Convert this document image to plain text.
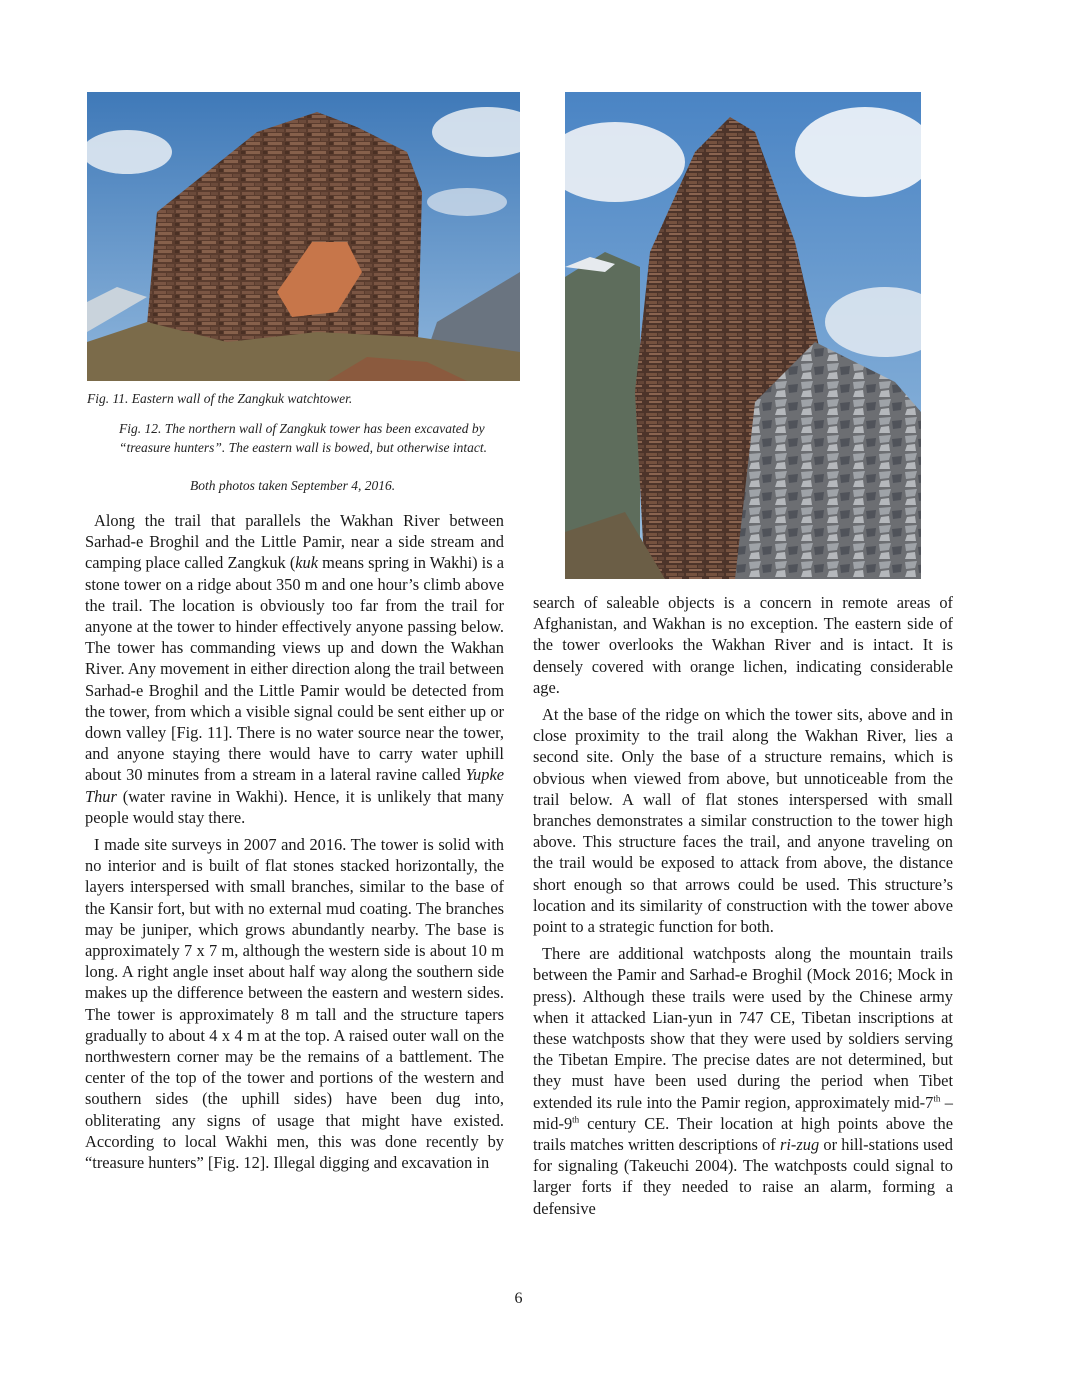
Fig. 11. Eastern wall of the Zangkuk watchtower.
Fig. 12. The northern wall of Zangkuk tower has been excavated by “treasure hunters”. The eastern wall is bowed, but otherwise intact.
Both photos taken September 4, 2016.

Along the trail that parallels the Wakhan River between Sarhad-e Broghil and the Little Pamir, near a side stream and camping place called Zangkuk (kuk means spring in Wakhi) is a stone tower on a ridge about 350 m and one hour’s climb above the trail. The location is obviously too far from the trail for anyone at the tower to hinder effectively anyone passing below. The tower has commanding views up and down the Wakhan River. Any movement in either direction along the trail between Sarhad-e Broghil and the Little Pamir would be detected from the tower, from which a visible signal could be sent either up or down valley [Fig. 11]. There is no water source near the tower, and anyone staying there would have to carry water uphill about 30 minutes from a stream in a lateral ravine called Yupke Thur (water ravine in Wakhi). Hence, it is unlikely that many people would stay there.

I made site surveys in 2007 and 2016. The tower is solid with no interior and is built of flat stones stacked horizontally, the layers interspersed with small branches, similar to the base of the Kansir fort, but with no external mud coating. The branches may be juniper, which grows abundantly nearby. The base is approximately 7 x 7 m, although the western side is about 10 m long. A right angle inset about half way along the southern side makes up the difference between the eastern and western sides. The tower is approximately 8 m tall and the structure tapers gradually to about 4 x 4 m at the top. A raised outer wall on the northwestern corner may be the remains of a battlement. The center of the top of the tower and portions of the western and southern sides (the uphill sides) have been dug into, obliterating any signs of usage that might have existed. According to local Wakhi men, this was done recently by “treasure hunters” [Fig. 12]. Illegal digging and excavation in

search of saleable objects is a concern in remote areas of Afghanistan, and Wakhan is no exception. The eastern side of the tower overlooks the Wakhan River and is intact. It is densely covered with orange lichen, indicating considerable age.

At the base of the ridge on which the tower sits, above and in close proximity to the trail along the Wakhan River, lies a second site. Only the base of a structure remains, which is obvious when viewed from above, but unnoticeable from the trail below. A wall of flat stones interspersed with small branches demonstrates a similar construction to the tower high above. This structure faces the trail, and anyone traveling on the trail would be exposed to attack from above, the distance short enough so that arrows could be used. This structure’s location and its similarity of construction with the tower above point to a strategic function for both.

There are additional watchposts along the mountain trails between the Pamir and Sarhad-e Broghil (Mock 2016; Mock in press). Although these trails were used by the Chinese army when it attacked Lian-yun in 747 CE, Tibetan inscriptions at these watchposts show that they were used by soldiers serving the Tibetan Empire. The precise dates are not determined, but they must have been used during the period when Tibet extended its rule into the Pamir region, approximately mid-7th – mid-9th century CE. Their location at high points above the trails matches written descriptions of ri-zug or hill-stations used for signaling (Takeuchi 2004). The watchposts could signal to larger forts if they needed to raise an alarm, forming a defensive

6
